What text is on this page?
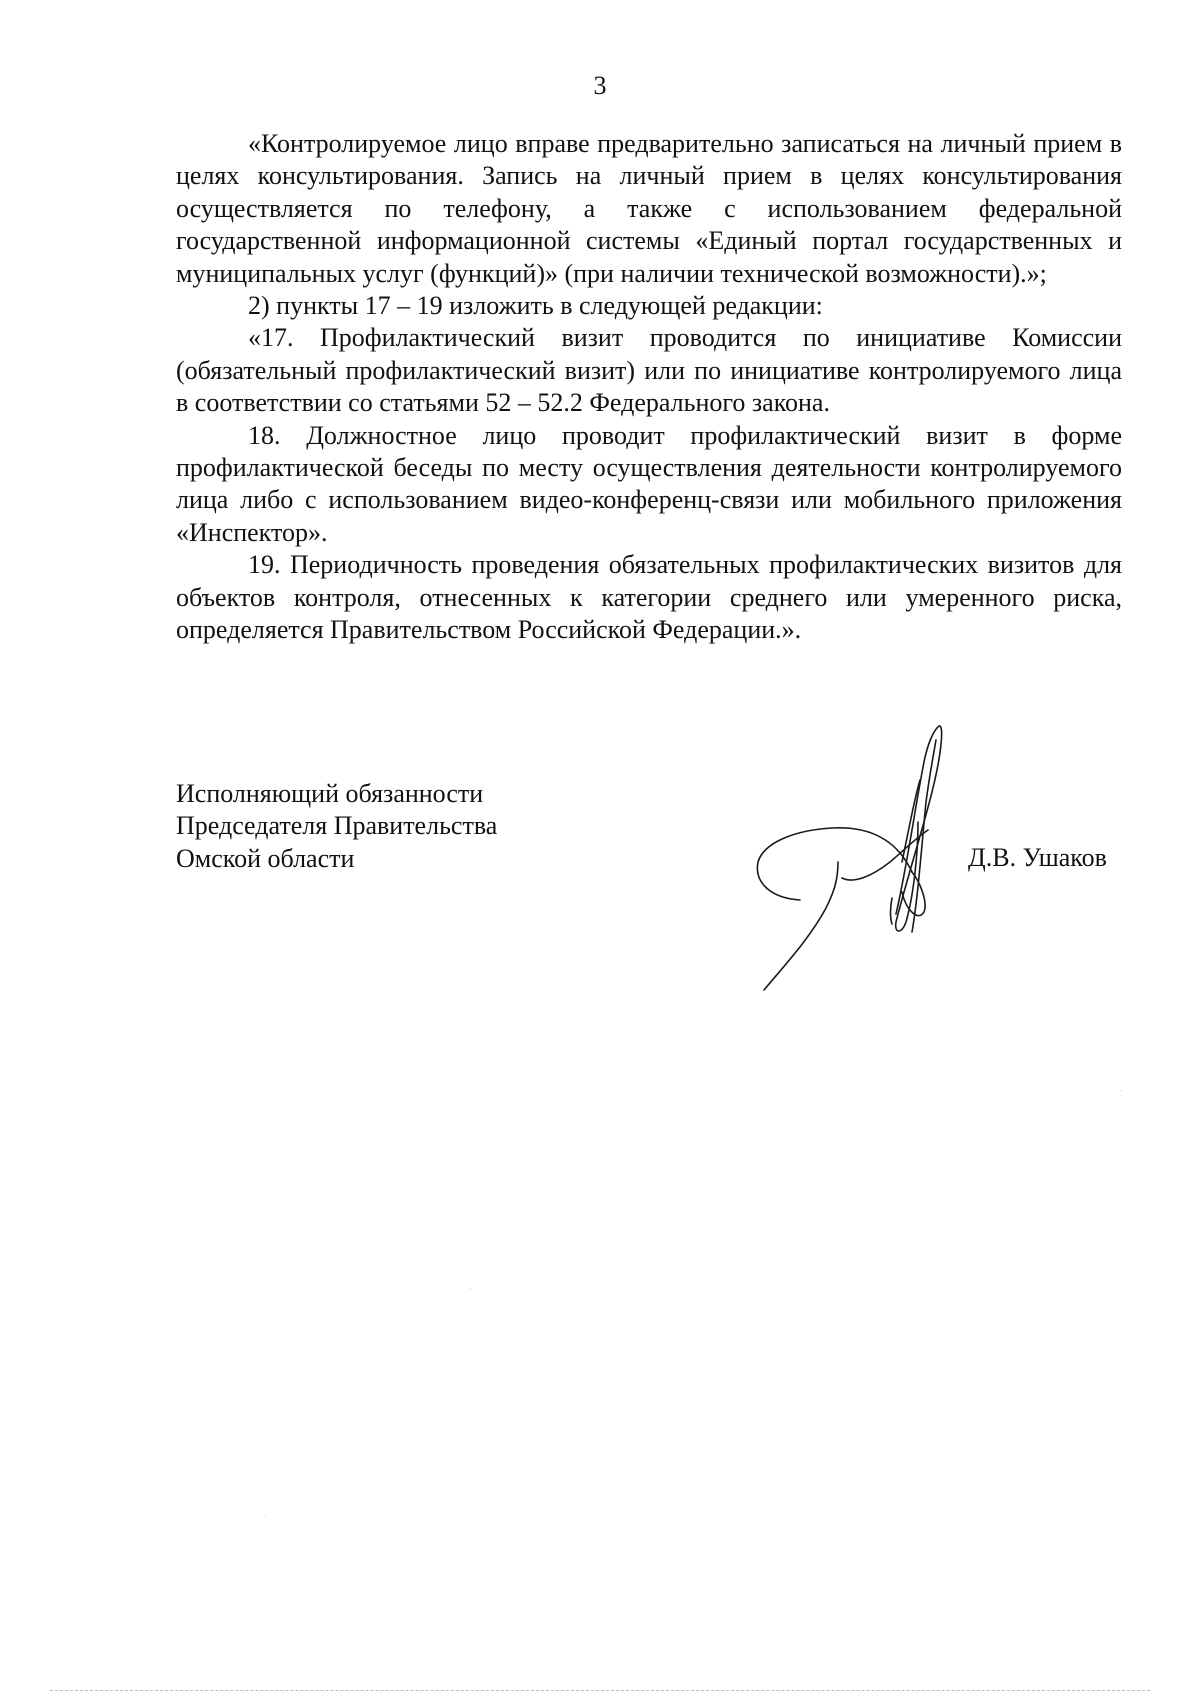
3

«Контролируемое лицо вправе предварительно записаться на личный прием в целях консультирования. Запись на личный прием в целях консультирования осуществляется по телефону, а также с использованием федеральной государственной информационной системы «Единый портал государственных и муниципальных услуг (функций)» (при наличии технической возможности).»;

2) пункты 17 – 19 изложить в следующей редакции:

«17. Профилактический визит проводится по инициативе Комиссии (обязательный профилактический визит) или по инициативе контролируемого лица в соответствии со статьями 52 – 52.2 Федерального закона.

18. Должностное лицо проводит профилактический визит в форме профилактической беседы по месту осуществления деятельности контролируемого лица либо с использованием видео-конференц-связи или мобильного приложения «Инспектор».

19. Периодичность проведения обязательных профилактических визитов для объектов контроля, отнесенных к категории среднего или умеренного риска, определяется Правительством Российской Федерации.».

Исполняющий обязанности
Председателя Правительства
Омской области	Д.В. Ушаков
